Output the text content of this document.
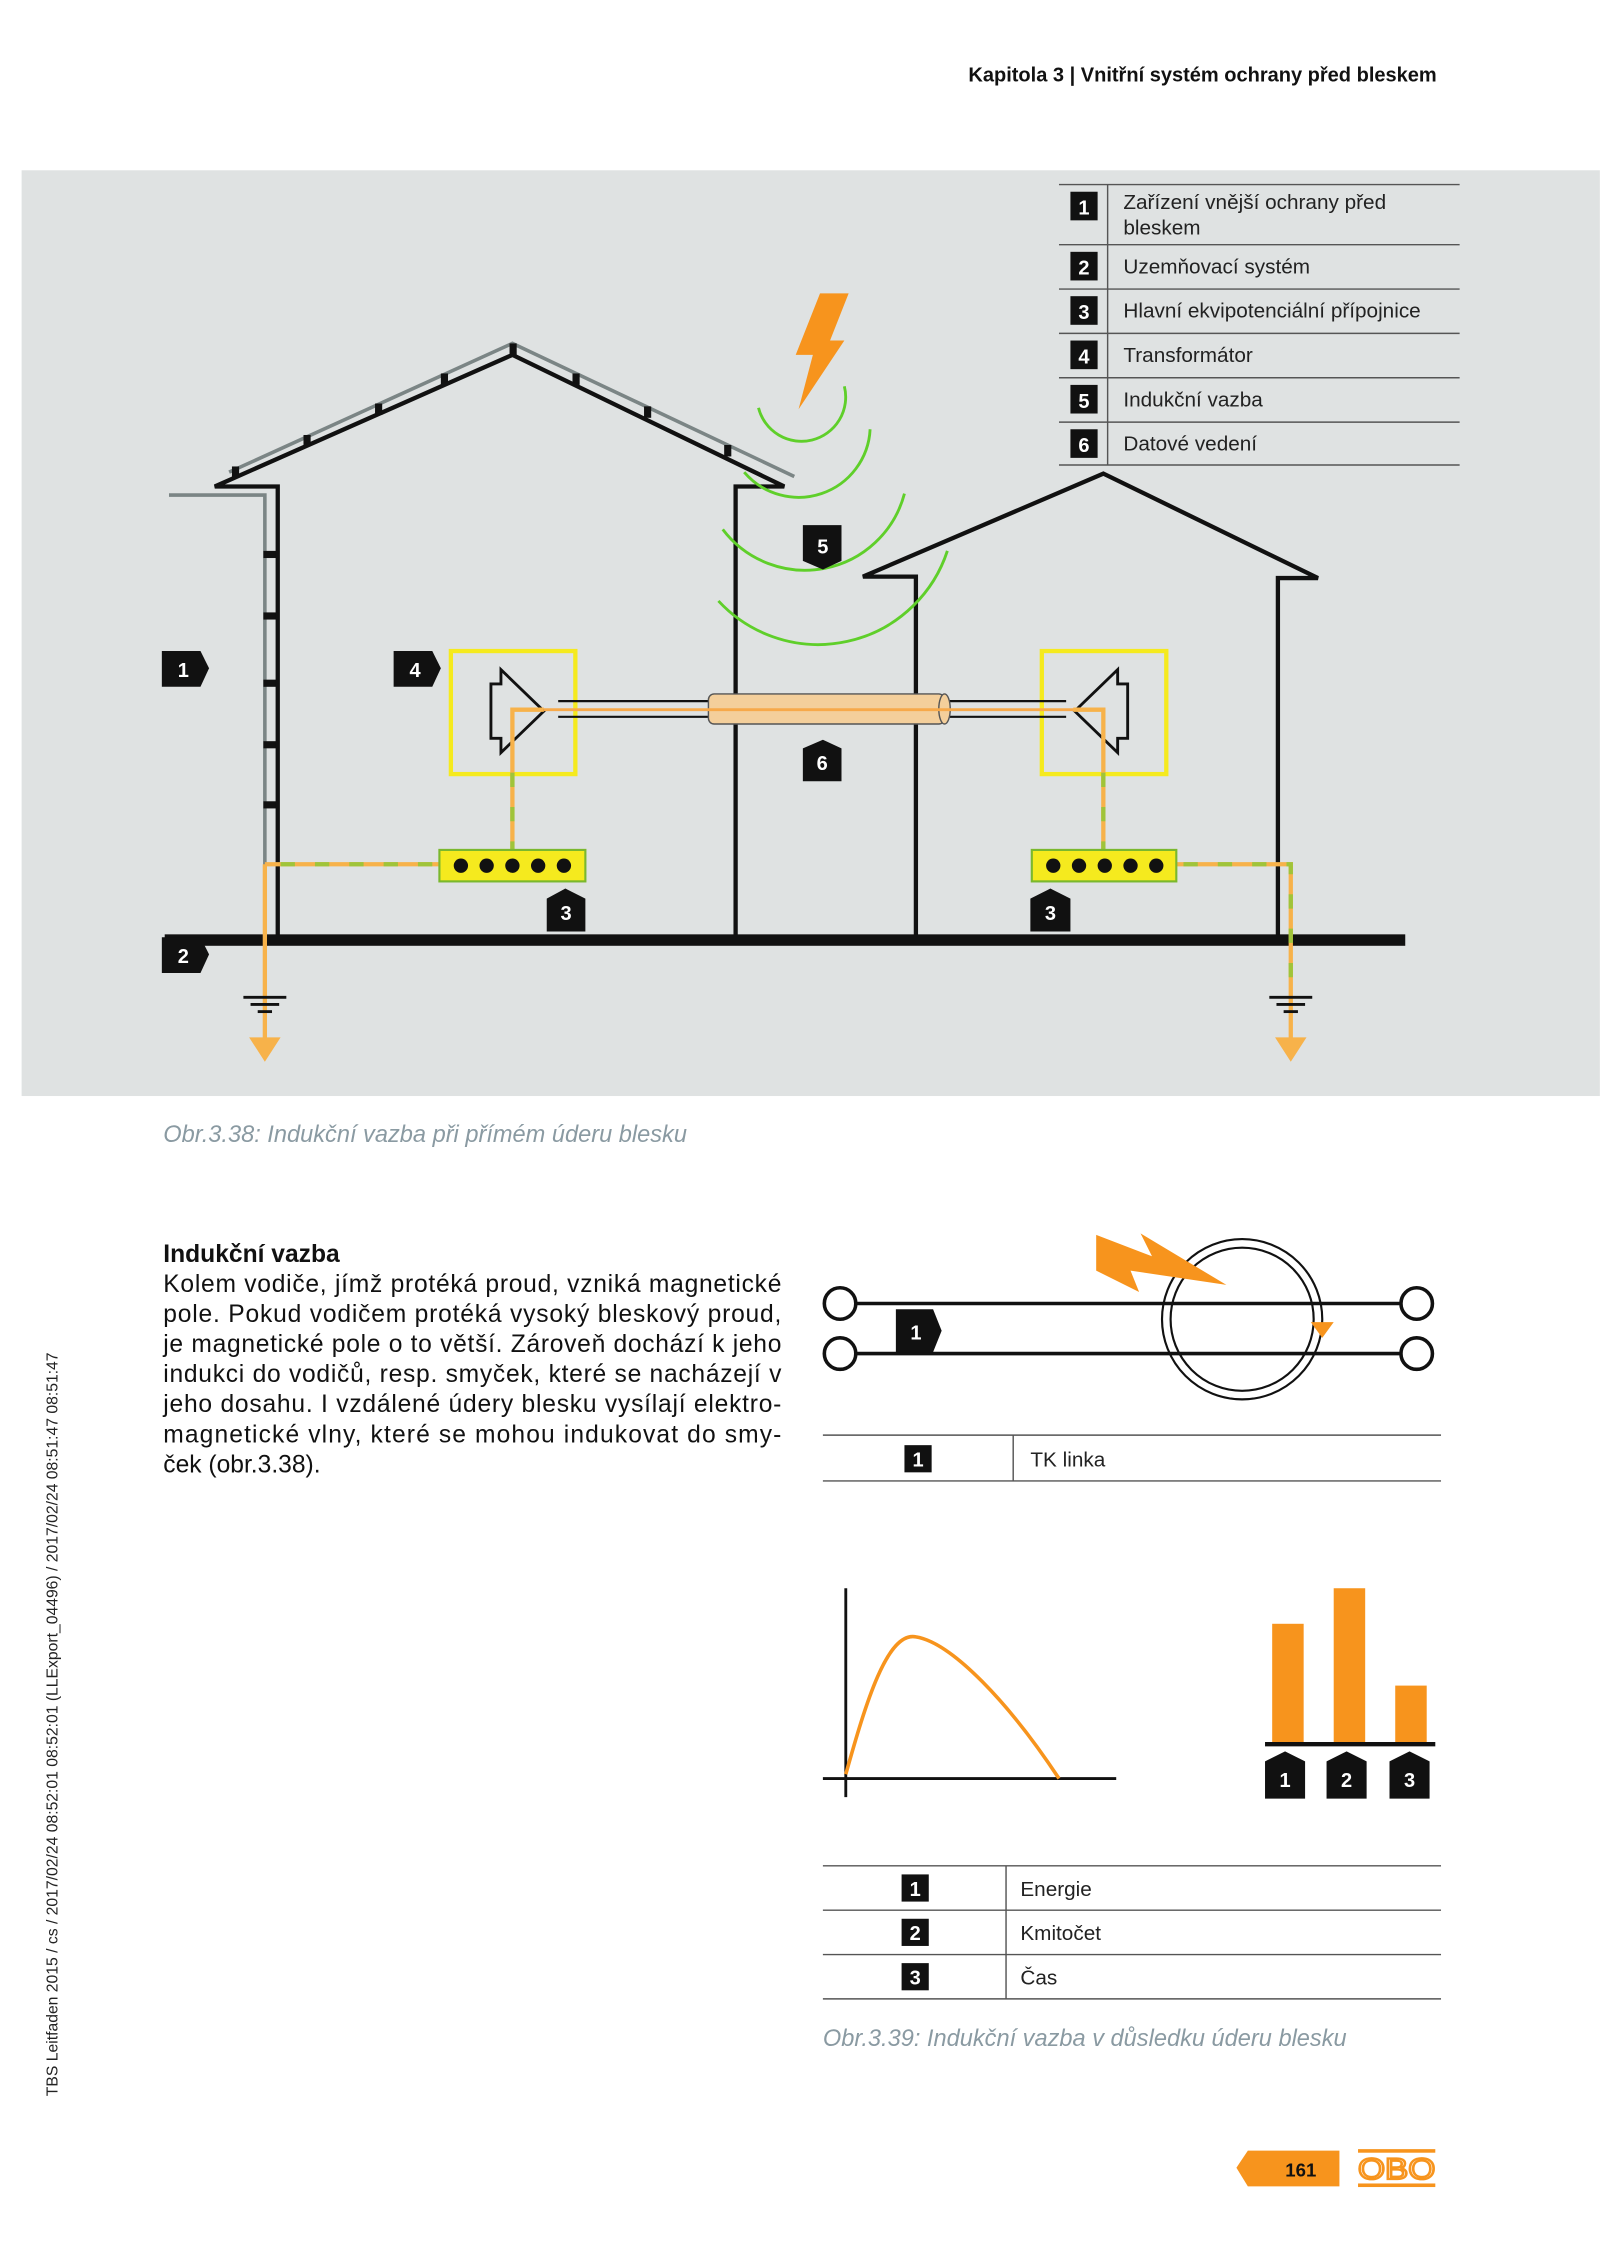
Kapitola 3 | Vnitřní systém ochrany před bleskem
TBS Leitfaden 2015 / cs / 2017/02/24 08:52:01 08:52:01 (LLExport_04496) / 2017/02/24 08:51:47 08:51:47
1 Zařízení vnější ochrany před
bleskem
2 Uzemňovací systém
3 Hlavní ekvipotenciální přípojnice
4 Transformátor
5 Indukční vazba
6 Datové vedení
1	4
2
5
6
3	3
Obr.3.38: Indukční vazba při přímém úderu blesku
Indukční vazba
Kolem vodiče, jímž protéká proud, vzniká magnetické
pole. Pokud vodičem protéká vysoký bleskový proud,
je magnetické pole o to větší. Zároveň dochází k jeho
indukci do vodičů, resp. smyček, které se nacházejí v
jeho dosahu. I vzdálené údery blesku vysílají elektro-
magnetické vlny, které se mohou indukovat do smy-
ček (obr.3.38).
1
1	TK linka
1	2	3
1	Energie
2	Kmitočet
3	Čas
Obr.3.39: Indukční vazba v důsledku úderu blesku
161 OBO
